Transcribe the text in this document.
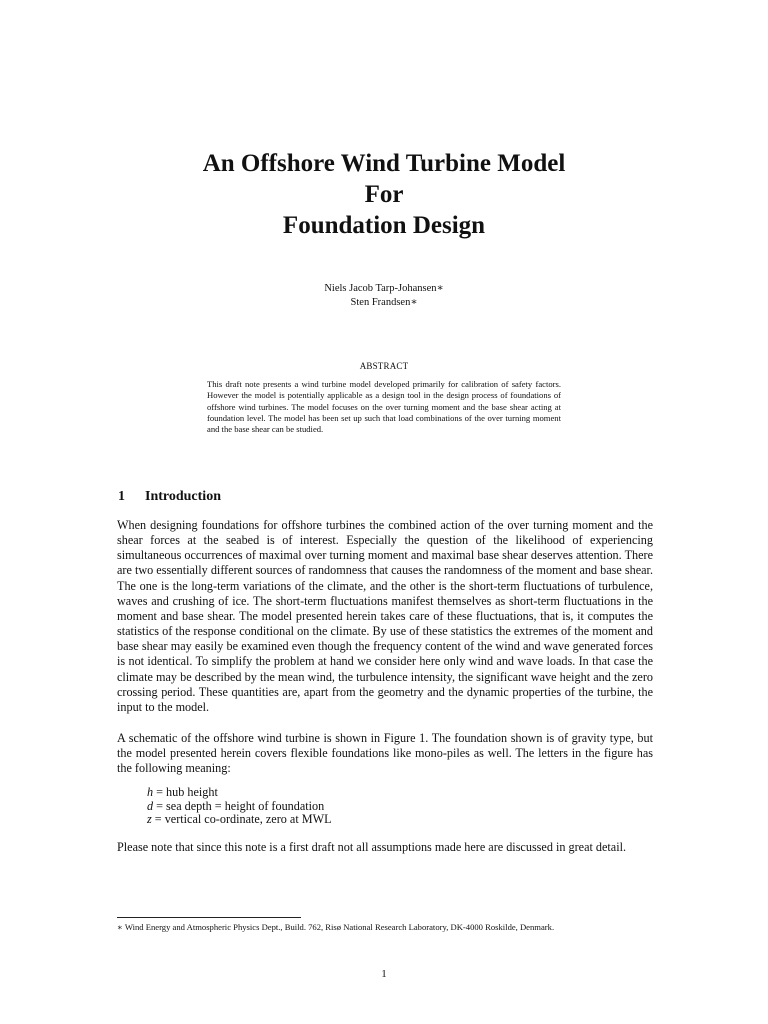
An Offshore Wind Turbine Model
For
Foundation Design
Niels Jacob Tarp-Johansen∗
Sten Frandsen∗
ABSTRACT
This draft note presents a wind turbine model developed primarily for calibration of safety factors. However the model is potentially applicable as a design tool in the design process of foundations of offshore wind turbines. The model focuses on the over turning moment and the base shear acting at foundation level. The model has been set up such that load combinations of the over turning moment and the base shear can be studied.
1 Introduction
When designing foundations for offshore turbines the combined action of the over turning moment and the shear forces at the seabed is of interest. Especially the question of the likelihood of experiencing simultaneous occurrences of maximal over turning moment and maximal base shear deserves attention. There are two essentially different sources of randomness that causes the randomness of the moment and base shear. The one is the long-term variations of the climate, and the other is the short-term fluctuations of turbulence, waves and crushing of ice. The short-term fluctuations manifest themselves as short-term fluctuations in the moment and base shear. The model presented herein takes care of these fluctuations, that is, it computes the statistics of the response conditional on the climate. By use of these statistics the extremes of the moment and base shear may easily be examined even though the frequency content of the wind and wave generated forces is not identical. To simplify the problem at hand we consider here only wind and wave loads. In that case the climate may be described by the mean wind, the turbulence intensity, the significant wave height and the zero crossing period. These quantities are, apart from the geometry and the dynamic properties of the turbine, the input to the model.
A schematic of the offshore wind turbine is shown in Figure 1. The foundation shown is of gravity type, but the model presented herein covers flexible foundations like mono-piles as well. The letters in the figure has the following meaning:
h = hub height
d = sea depth = height of foundation
z = vertical co-ordinate, zero at MWL
Please note that since this note is a first draft not all assumptions made here are discussed in great detail.
∗ Wind Energy and Atmospheric Physics Dept., Build. 762, Risø National Research Laboratory, DK-4000 Roskilde, Denmark.
1
